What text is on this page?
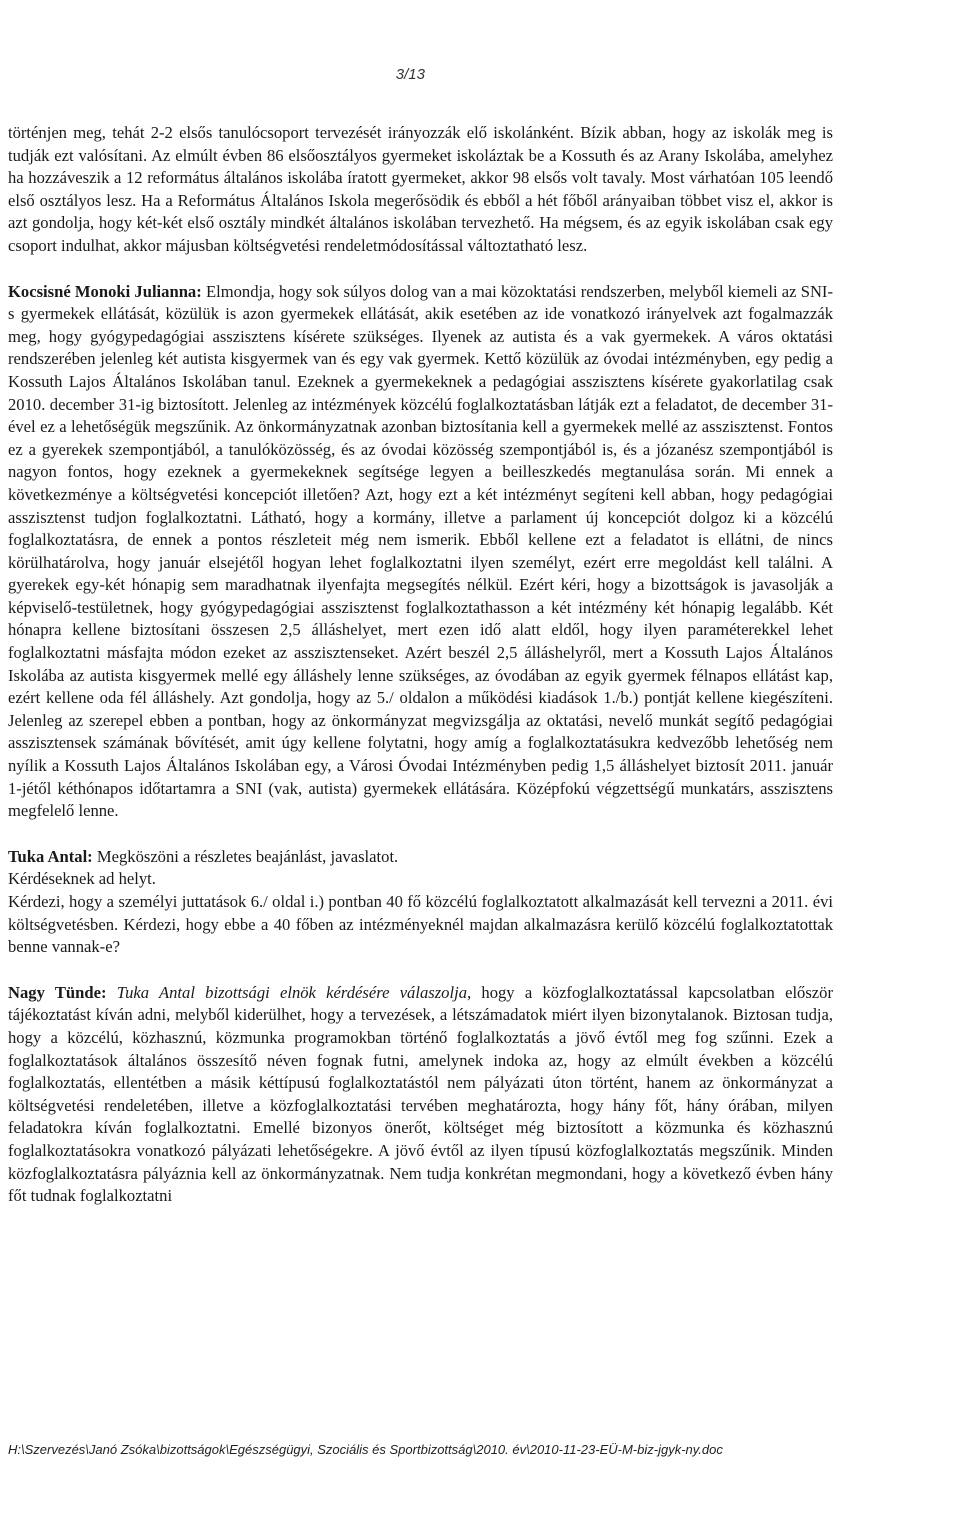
3/13

történjen meg, tehát 2-2 elsős tanulócsoport tervezését irányozzák elő iskolánként. Bízik abban, hogy az iskolák meg is tudják ezt valósítani. Az elmúlt évben 86 elsőosztályos gyermeket iskoláztak be a Kossuth és az Arany Iskolába, amelyhez ha hozzáveszik a 12 református általános iskolába íratott gyermeket, akkor 98 elsős volt tavaly. Most várhatóan 105 leendő első osztályos lesz. Ha a Református Általános Iskola megerősödik és ebből a hét főből arányaiban többet visz el, akkor is azt gondolja, hogy két-két első osztály mindkét általános iskolában tervezhető. Ha mégsem, és az egyik iskolában csak egy csoport indulhat, akkor májusban költségvetési rendeletmódosítással változtatható lesz.

Kocsisné Monoki Julianna: Elmondja, hogy sok súlyos dolog van a mai közoktatási rendszerben, melyből kiemeli az SNI-s gyermekek ellátását, közülük is azon gyermekek ellátását, akik esetében az ide vonatkozó irányelvek azt fogalmazzák meg, hogy gyógypedagógiai asszisztens kísérete szükséges. Ilyenek az autista és a vak gyermekek. A város oktatási rendszerében jelenleg két autista kisgyermek van és egy vak gyermek. Kettő közülük az óvodai intézményben, egy pedig a Kossuth Lajos Általános Iskolában tanul. Ezeknek a gyermekeknek a pedagógiai asszisztens kísérete gyakorlatilag csak 2010. december 31-ig biztosított. Jelenleg az intézmények közcélú foglalkoztatásban látják ezt a feladatot, de december 31-ével ez a lehetőségük megszűnik. Az önkormányzatnak azonban biztosítania kell a gyermekek mellé az asszisztenst. Fontos ez a gyerekek szempontjából, a tanulóközösség, és az óvodai közösség szempontjából is, és a józanész szempontjából is nagyon fontos, hogy ezeknek a gyermekeknek segítsége legyen a beilleszkedés megtanulása során. Mi ennek a következménye a költségvetési koncepciót illetően? Azt, hogy ezt a két intézményt segíteni kell abban, hogy pedagógiai asszisztenst tudjon foglalkoztatni. Látható, hogy a kormány, illetve a parlament új koncepciót dolgoz ki a közcélú foglalkoztatásra, de ennek a pontos részleteit még nem ismerik. Ebből kellene ezt a feladatot is ellátni, de nincs körülhatárolva, hogy január elsejétől hogyan lehet foglalkoztatni ilyen személyt, ezért erre megoldást kell találni. A gyerekek egy-két hónapig sem maradhatnak ilyenfajta megsegítés nélkül. Ezért kéri, hogy a bizottságok is javasolják a képviselő-testületnek, hogy gyógypedagógiai asszisztenst foglalkoztathasson a két intézmény két hónapig legalább. Két hónapra kellene biztosítani összesen 2,5 álláshelyet, mert ezen idő alatt eldől, hogy ilyen paraméterekkel lehet foglalkoztatni másfajta módon ezeket az asszisztenseket. Azért beszél 2,5 álláshelyről, mert a Kossuth Lajos Általános Iskolába az autista kisgyermek mellé egy álláshely lenne szükséges, az óvodában az egyik gyermek félnapos ellátást kap, ezért kellene oda fél álláshely. Azt gondolja, hogy az 5./ oldalon a működési kiadások 1./b.) pontját kellene kiegészíteni. Jelenleg az szerepel ebben a pontban, hogy az önkormányzat megvizsgálja az oktatási, nevelő munkát segítő pedagógiai asszisztensek számának bővítését, amit úgy kellene folytatni, hogy amíg a foglalkoztatásukra kedvezőbb lehetőség nem nyílik a Kossuth Lajos Általános Iskolában egy, a Városi Óvodai Intézményben pedig 1,5 álláshelyet biztosít 2011. január 1-jétől kéthónapos időtartamra a SNI (vak, autista) gyermekek ellátására. Középfokú végzettségű munkatárs, asszisztens megfelelő lenne.

Tuka Antal: Megköszöni a részletes beajánlást, javaslatot.

Kérdéseknek ad helyt.

Kérdezi, hogy a személyi juttatások 6./ oldal i.) pontban 40 fő közcélú foglalkoztatott alkalmazását kell tervezni a 2011. évi költségvetésben. Kérdezi, hogy ebbe a 40 főben az intézményeknél majdan alkalmazásra kerülő közcélú foglalkoztatottak benne vannak-e?

Nagy Tünde: Tuka Antal bizottsági elnök kérdésére válaszolja, hogy a közfoglalkoztatással kapcsolatban először tájékoztatást kíván adni, melyből kiderülhet, hogy a tervezések, a létszámadatok miért ilyen bizonytalanok. Biztosan tudja, hogy a közcélú, közhasznú, közmunka programokban történő foglalkoztatás a jövő évtől meg fog szűnni. Ezek a foglalkoztatások általános összesítő néven fognak futni, amelynek indoka az, hogy az elmúlt években a közcélú foglalkoztatás, ellentétben a másik kéttípusú foglalkoztatástól nem pályázati úton történt, hanem az önkormányzat a költségvetési rendeletében, illetve a közfoglalkoztatási tervében meghatározta, hogy hány főt, hány órában, milyen feladatokra kíván foglalkoztatni. Emellé bizonyos önerőt, költséget még biztosított a közmunka és közhasznú foglalkoztatásokra vonatkozó pályázati lehetőségekre. A jövő évtől az ilyen típusú közfoglalkoztatás megszűnik. Minden közfoglalkoztatásra pályáznia kell az önkormányzatnak. Nem tudja konkrétan megmondani, hogy a következő évben hány főt tudnak foglalkoztatni

H:\Szervezés\Janó Zsóka\bizottságok\Egészségügyi, Szociális és Sportbizottság\2010. év\2010-11-23-EÜ-M-biz-jgyk-ny.doc
